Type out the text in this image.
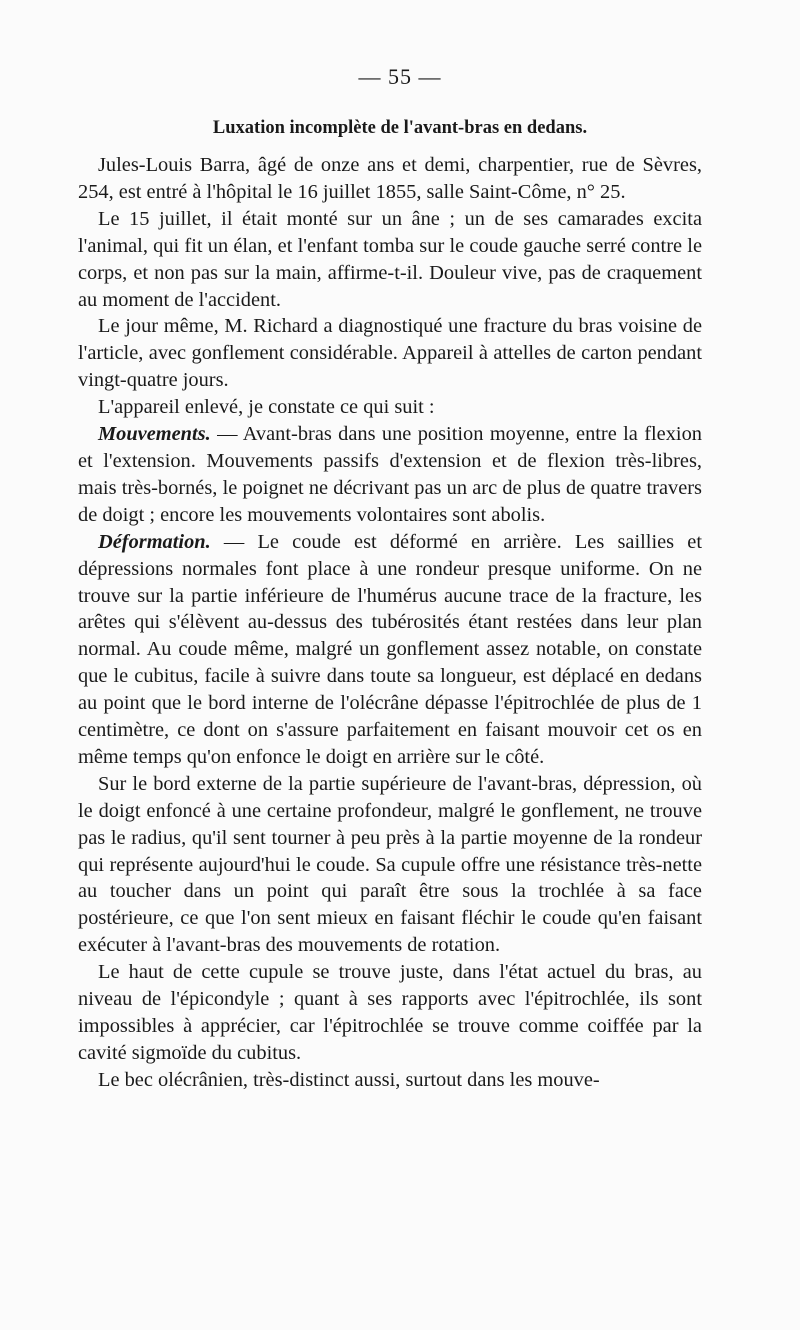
— 55 —
Luxation incomplète de l'avant-bras en dedans.

Jules-Louis Barra, âgé de onze ans et demi, charpentier, rue de Sèvres, 254, est entré à l'hôpital le 16 juillet 1855, salle Saint-Côme, n° 25.

Le 15 juillet, il était monté sur un âne ; un de ses camarades excita l'animal, qui fit un élan, et l'enfant tomba sur le coude gauche serré contre le corps, et non pas sur la main, affirme-t-il. Douleur vive, pas de craquement au moment de l'accident.

Le jour même, M. Richard a diagnostiqué une fracture du bras voisine de l'article, avec gonflement considérable. Appareil à attelles de carton pendant vingt-quatre jours.

L'appareil enlevé, je constate ce qui suit :

Mouvements. — Avant-bras dans une position moyenne, entre la flexion et l'extension. Mouvements passifs d'extension et de flexion très-libres, mais très-bornés, le poignet ne décrivant pas un arc de plus de quatre travers de doigt ; encore les mouvements volontaires sont abolis.

Déformation. — Le coude est déformé en arrière. Les saillies et dépressions normales font place à une rondeur presque uniforme. On ne trouve sur la partie inférieure de l'humérus aucune trace de la fracture, les arêtes qui s'élèvent au-dessus des tubérosités étant restées dans leur plan normal. Au coude même, malgré un gonflement assez notable, on constate que le cubitus, facile à suivre dans toute sa longueur, est déplacé en dedans au point que le bord interne de l'olécrâne dépasse l'épitrochlée de plus de 1 centimètre, ce dont on s'assure parfaitement en faisant mouvoir cet os en même temps qu'on enfonce le doigt en arrière sur le côté.

Sur le bord externe de la partie supérieure de l'avant-bras, dépression, où le doigt enfoncé à une certaine profondeur, malgré le gonflement, ne trouve pas le radius, qu'il sent tourner à peu près à la partie moyenne de la rondeur qui représente aujourd'hui le coude. Sa cupule offre une résistance très-nette au toucher dans un point qui paraît être sous la trochlée à sa face postérieure, ce que l'on sent mieux en faisant fléchir le coude qu'en faisant exécuter à l'avant-bras des mouvements de rotation.

Le haut de cette cupule se trouve juste, dans l'état actuel du bras, au niveau de l'épicondyle ; quant à ses rapports avec l'épitrochlée, ils sont impossibles à apprécier, car l'épitrochlée se trouve comme coiffée par la cavité sigmoïde du cubitus.

Le bec olécrânien, très-distinct aussi, surtout dans les mouve-
